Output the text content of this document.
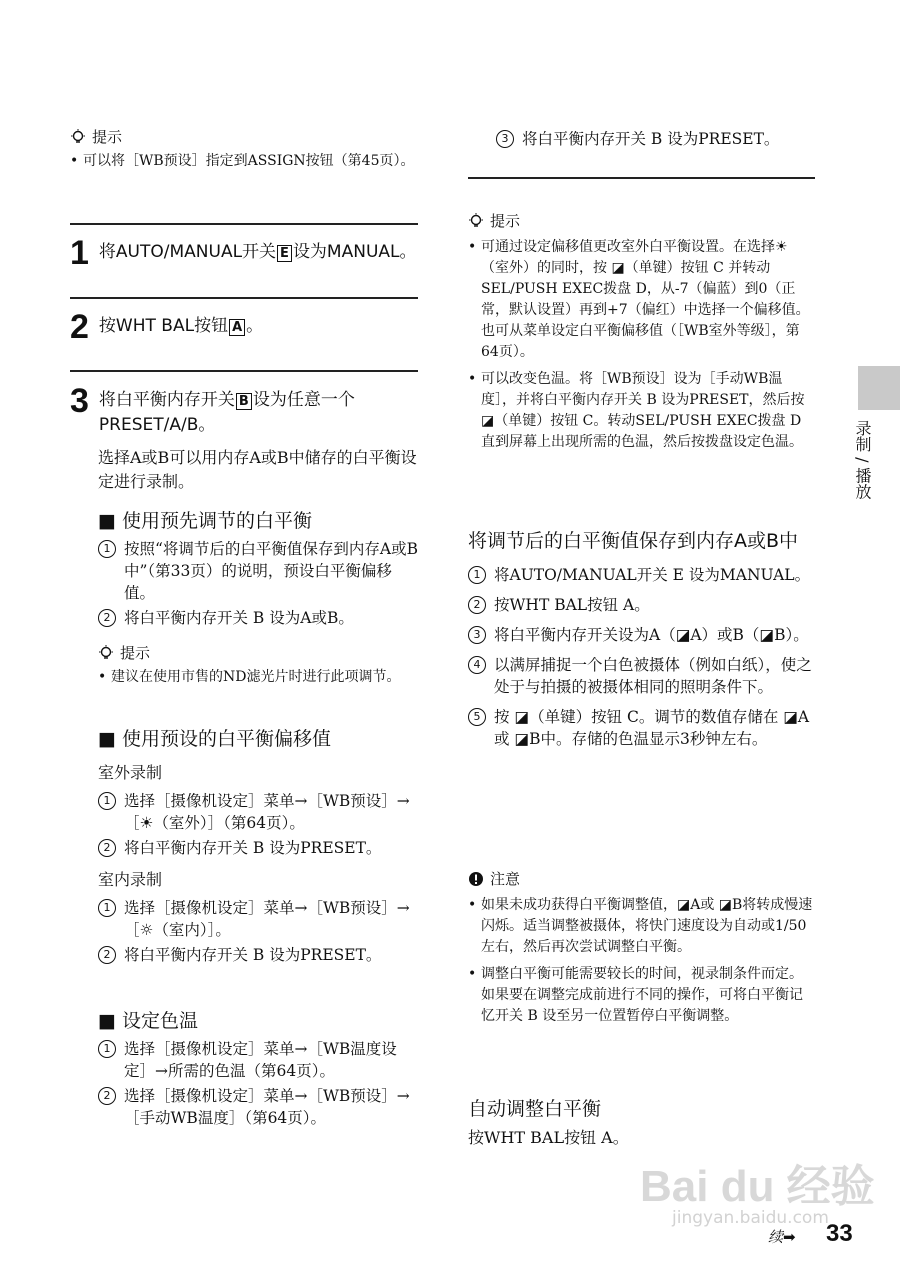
提示
• 可以将［WB预设］指定到ASSIGN按钮（第45页）。
1 将AUTO/MANUAL开关 E 设为MANUAL。
2 按WHT BAL按钮 A 。
3 将白平衡内存开关 B 设为任意一个PRESET/A/B。
选择A或B可以用内存A或B中储存的白平衡设定进行录制。
■ 使用预先调节的白平衡
1 按照“将调节后的白平衡值保存到内存A或B中”（第33页）的说明，预设白平衡偏移值。
2 将白平衡内存开关 B 设为A或B。
提示
• 建议在使用市售的ND滤光片时进行此项调节。
■ 使用预设的白平衡偏移值
室外录制
1 选择［摄像机设定］菜单→［WB预设］→［☀（室外）］（第64页）。
2 将白平衡内存开关 B 设为PRESET。
室内录制
1 选择［摄像机设定］菜单→［WB预设］→［☼（室内）］。
2 将白平衡内存开关 B 设为PRESET。
■ 设定色温
1 选择［摄像机设定］菜单→［WB温度设定］→所需的色温（第64页）。
2 选择［摄像机设定］菜单→［WB预设］→［手动WB温度］（第64页）。
3 将白平衡内存开关 B 设为PRESET。
提示
• 可通过设定偏移值更改室外白平衡设置。在选择☀（室外）的同时，按 ◪（单键）按钮 C 并转动SEL/PUSH EXEC拨盘 D，从-7（偏蓝）到0（正常，默认设置）再到+7（偏红）中选择一个偏移值。也可从菜单设定白平衡偏移值（［WB室外等级］，第64页）。
• 可以改变色温。将［WB预设］设为［手动WB温度］，并将白平衡内存开关 B 设为PRESET，然后按 ◪（单键）按钮 C。转动SEL/PUSH EXEC拨盘 D 直到屏幕上出现所需的色温，然后按拨盘设定色温。
将调节后的白平衡值保存到内存A或B中
1 将AUTO/MANUAL开关 E 设为MANUAL。
2 按WHT BAL按钮 A。
3 将白平衡内存开关设为A（◪A）或B（◪B）。
4 以满屏捕捉一个白色被摄体（例如白纸），使之处于与拍摄的被摄体相同的照明条件下。
5 按 ◪（单键）按钮 C。调节的数值存储在 ◪A或 ◪B中。存储的色温显示3秒钟左右。
注意
• 如果未成功获得白平衡调整值，◪A或 ◪B将转成慢速闪烁。适当调整被摄体，将快门速度设为自动或1/50左右，然后再次尝试调整白平衡。
• 调整白平衡可能需要较长的时间，视录制条件而定。如果要在调整完成前进行不同的操作，可将白平衡记忆开关 B 设至另一位置暂停白平衡调整。
自动调整白平衡
按WHT BAL按钮 A。
录制 / 播放
Bai du 经验
jingyan.baidu.com
续➡ 33
